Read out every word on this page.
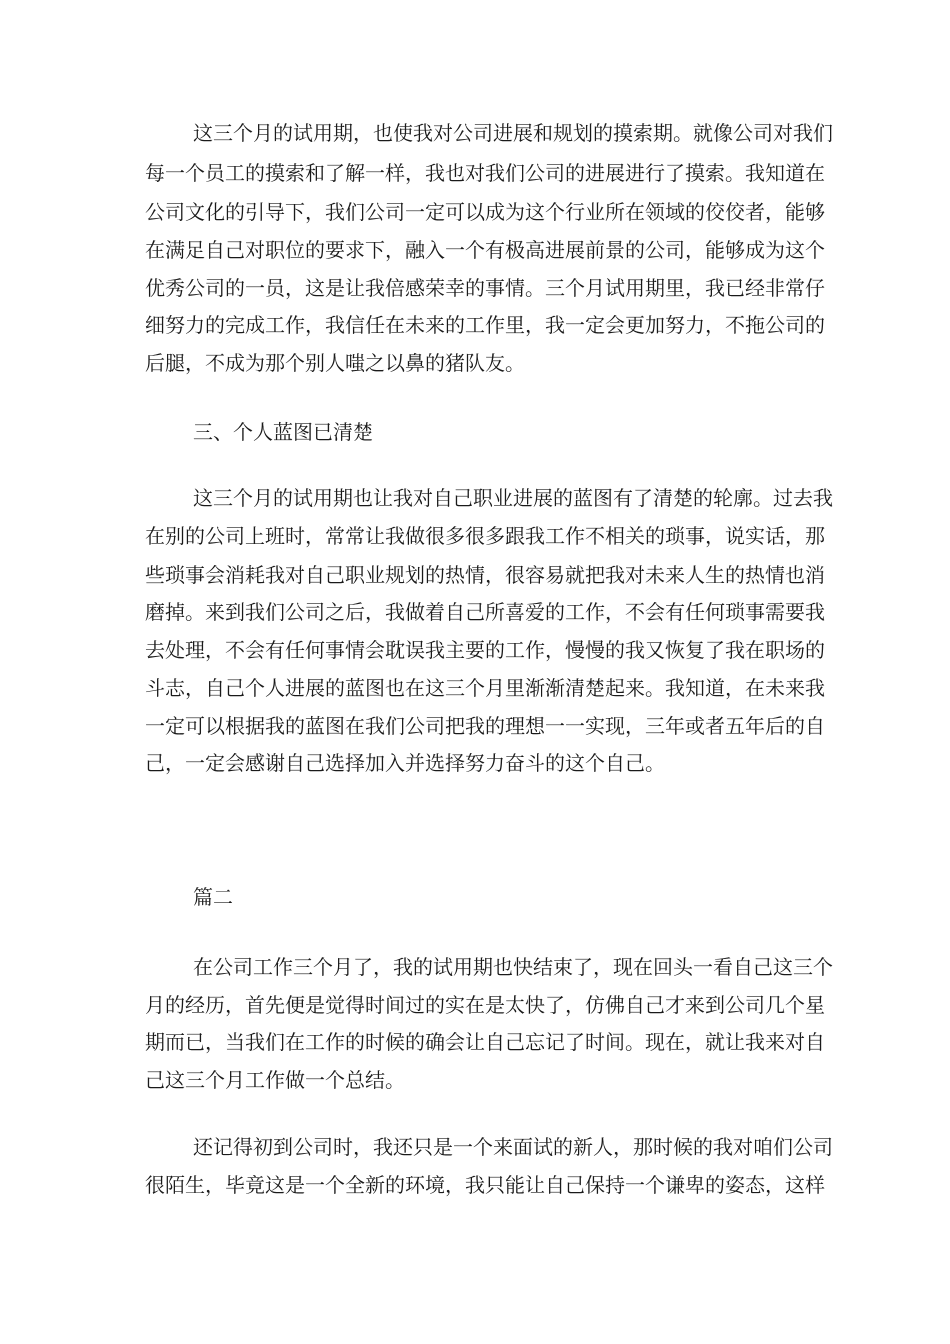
这三个月的试用期，也使我对公司进展和规划的摸索期。就像公司对我们
每一个员工的摸索和了解一样，我也对我们公司的进展进行了摸索。我知道在
公司文化的引导下，我们公司一定可以成为这个行业所在领域的佼佼者，能够
在满足自己对职位的要求下，融入一个有极高进展前景的公司，能够成为这个
优秀公司的一员，这是让我倍感荣幸的事情。三个月试用期里，我已经非常仔
细努力的完成工作，我信任在未来的工作里，我一定会更加努力，不拖公司的
后腿，不成为那个别人嗤之以鼻的猪队友。
三、个人蓝图已清楚
这三个月的试用期也让我对自己职业进展的蓝图有了清楚的轮廓。过去我
在别的公司上班时，常常让我做很多很多跟我工作不相关的琐事，说实话，那
些琐事会消耗我对自己职业规划的热情，很容易就把我对未来人生的热情也消
磨掉。来到我们公司之后，我做着自己所喜爱的工作，不会有任何琐事需要我
去处理，不会有任何事情会耽误我主要的工作，慢慢的我又恢复了我在职场的
斗志，自己个人进展的蓝图也在这三个月里渐渐清楚起来。我知道，在未来我
一定可以根据我的蓝图在我们公司把我的理想一一实现，三年或者五年后的自
己，一定会感谢自己选择加入并选择努力奋斗的这个自己。
篇二
在公司工作三个月了，我的试用期也快结束了，现在回头一看自己这三个
月的经历，首先便是觉得时间过的实在是太快了，仿佛自己才来到公司几个星
期而已，当我们在工作的时候的确会让自己忘记了时间。现在，就让我来对自
己这三个月工作做一个总结。
还记得初到公司时，我还只是一个来面试的新人，那时候的我对咱们公司
很陌生，毕竟这是一个全新的环境，我只能让自己保持一个谦卑的姿态，这样
